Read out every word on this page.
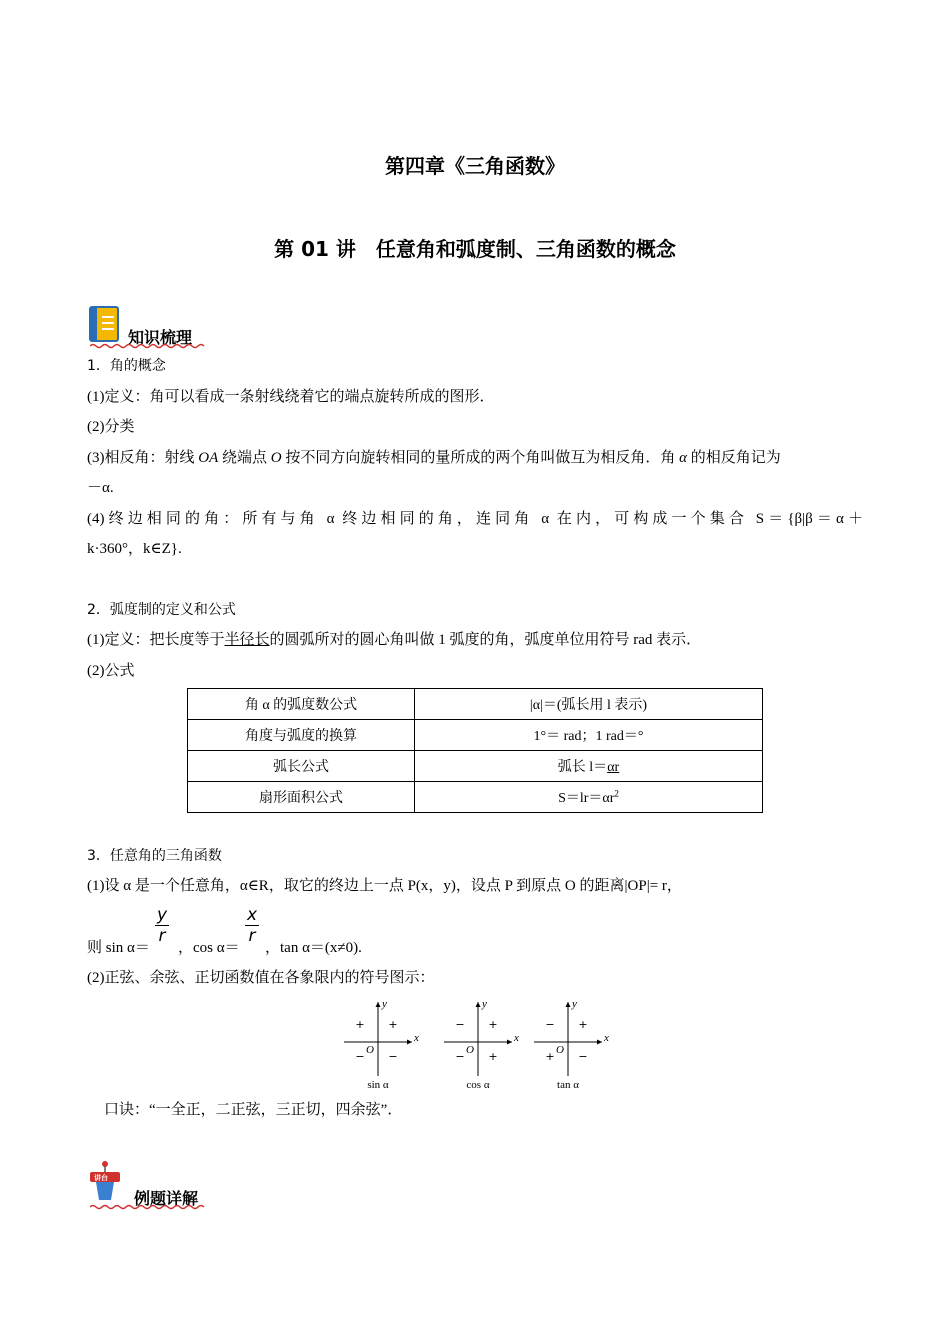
第四章《三角函数》
第 01 讲　任意角和弧度制、三角函数的概念
知识梳理
1．角的概念
(1)定义：角可以看成一条射线绕着它的端点旋转所成的图形．
(2)分类
(3)相反角：射线 OA 绕端点 O 按不同方向旋转相同的量所成的两个角叫做互为相反角．角 α 的相反角记为
－α.
(4)终边相同的角：所有与角 α 终边相同的角，连同角 α 在内，可构成一个集合 S＝{β|β＝α＋
k·360°，k∈Z}.
2．弧度制的定义和公式
(1)定义：把长度等于半径长的圆弧所对的圆心角叫做 1 弧度的角，弧度单位用符号 rad 表示．
(2)公式
角 α 的弧度数公式	|α|＝(弧长用 l 表示)
角度与弧度的换算	1°＝ rad；1 rad＝°
弧长公式	弧长 l＝αr
扇形面积公式	$S=lr=\alpha r^2$
3．任意角的三角函数
(1)设 α 是一个任意角，α∈R，取它的终边上一点 P(x，y)，设点 P 到原点 O 的距离|OP|= r，
$\frac{y}{r}$	$\frac{x}{r}$
则 sin α＝ ，cos α＝ ，tan α＝(x≠0).
(2)正弦、余弦、正切函数值在各象限内的符号图示：
x
y
O
+
+
− −
sin α
x
y
O
+
−
− +
cos α
x
y
O
+
−
+ −
tan α
口诀：“一全正，二正弦，三正切，四余弦”．
讲台
例题详解
